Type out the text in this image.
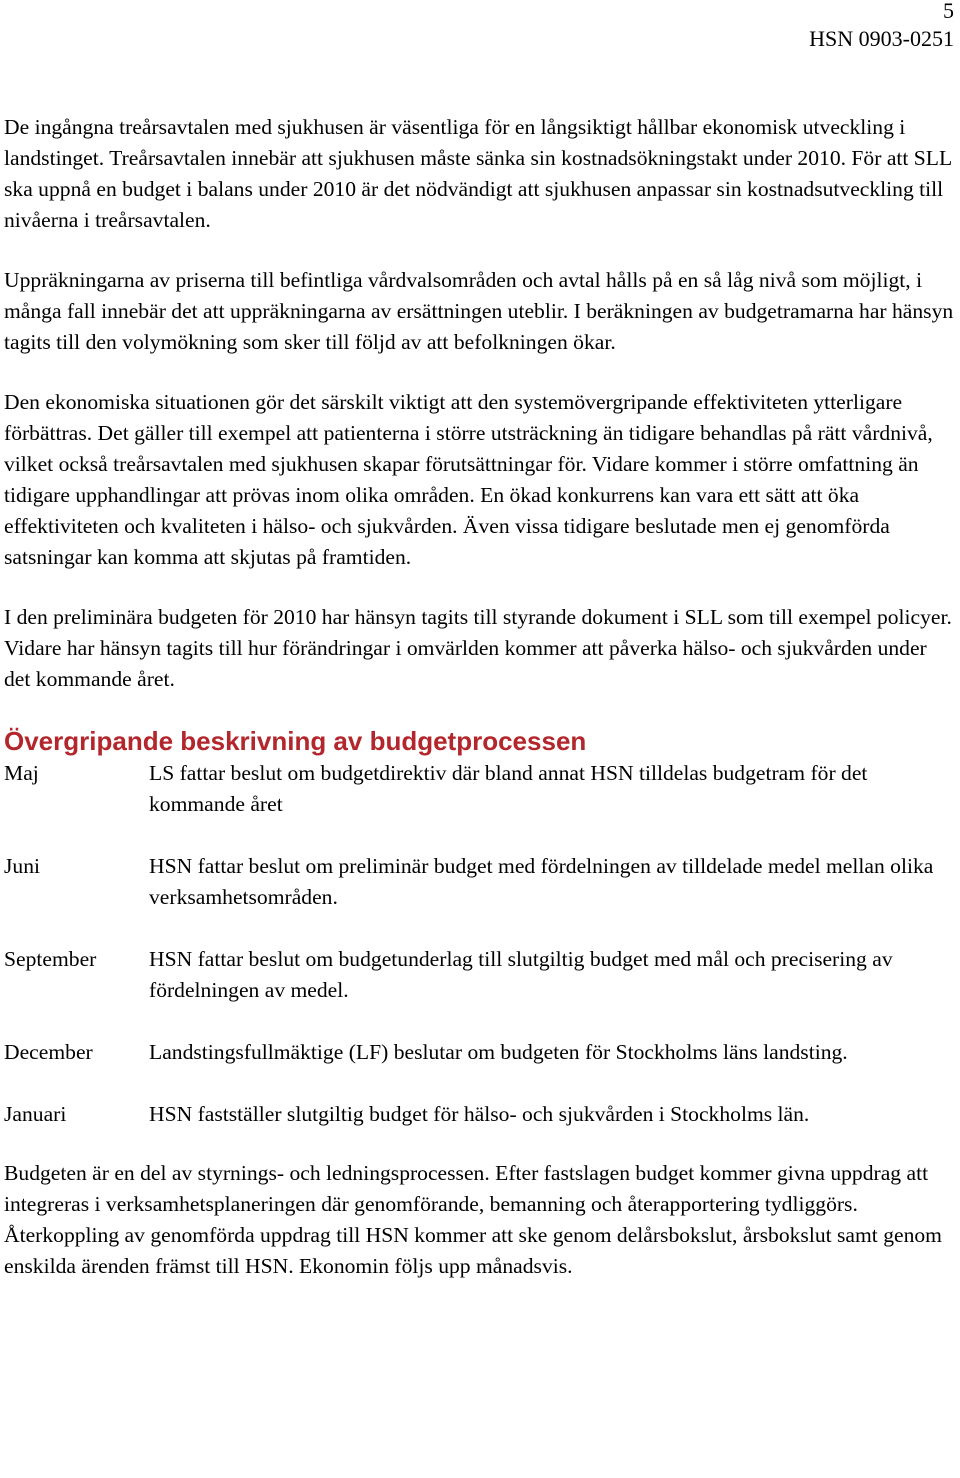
5
HSN 0903-0251

De ingångna treårsavtalen med sjukhusen är väsentliga för en långsiktigt hållbar ekonomisk utveckling i landstinget. Treårsavtalen innebär att sjukhusen måste sänka sin kostnadsökningstakt under 2010. För att SLL ska uppnå en budget i balans under 2010 är det nödvändigt att sjukhusen anpassar sin kostnadsutveckling till nivåerna i treårsavtalen.

Uppräkningarna av priserna till befintliga vårdvalsområden och avtal hålls på en så låg nivå som möjligt, i många fall innebär det att uppräkningarna av ersättningen uteblir. I beräkningen av budgetramarna har hänsyn tagits till den volymökning som sker till följd av att befolkningen ökar.

Den ekonomiska situationen gör det särskilt viktigt att den systemövergripande effektiviteten ytterligare förbättras. Det gäller till exempel att patienterna i större utsträckning än tidigare behandlas på rätt vårdnivå, vilket också treårsavtalen med sjukhusen skapar förutsättningar för. Vidare kommer i större omfattning än tidigare upphandlingar att prövas inom olika områden. En ökad konkurrens kan vara ett sätt att öka effektiviteten och kvaliteten i hälso- och sjukvården. Även vissa tidigare beslutade men ej genomförda satsningar kan komma att skjutas på framtiden.

I den preliminära budgeten för 2010 har hänsyn tagits till styrande dokument i SLL som till exempel policyer. Vidare har hänsyn tagits till hur förändringar i omvärlden kommer att påverka hälso- och sjukvården under det kommande året.

Övergripande beskrivning av budgetprocessen
Maj	LS fattar beslut om budgetdirektiv där bland annat HSN tilldelas budgetram för det kommande året
Juni	HSN fattar beslut om preliminär budget med fördelningen av tilldelade medel mellan olika verksamhetsområden.
September	HSN fattar beslut om budgetunderlag till slutgiltig budget med mål och precisering av fördelningen av medel.
December	Landstingsfullmäktige (LF) beslutar om budgeten för Stockholms läns landsting.
Januari	HSN fastställer slutgiltig budget för hälso- och sjukvården i Stockholms län.

Budgeten är en del av styrnings- och ledningsprocessen. Efter fastslagen budget kommer givna uppdrag att integreras i verksamhetsplaneringen där genomförande, bemanning och återapportering tydliggörs. Återkoppling av genomförda uppdrag till HSN kommer att ske genom delårsbokslut, årsbokslut samt genom enskilda ärenden främst till HSN. Ekonomin följs upp månadsvis.
